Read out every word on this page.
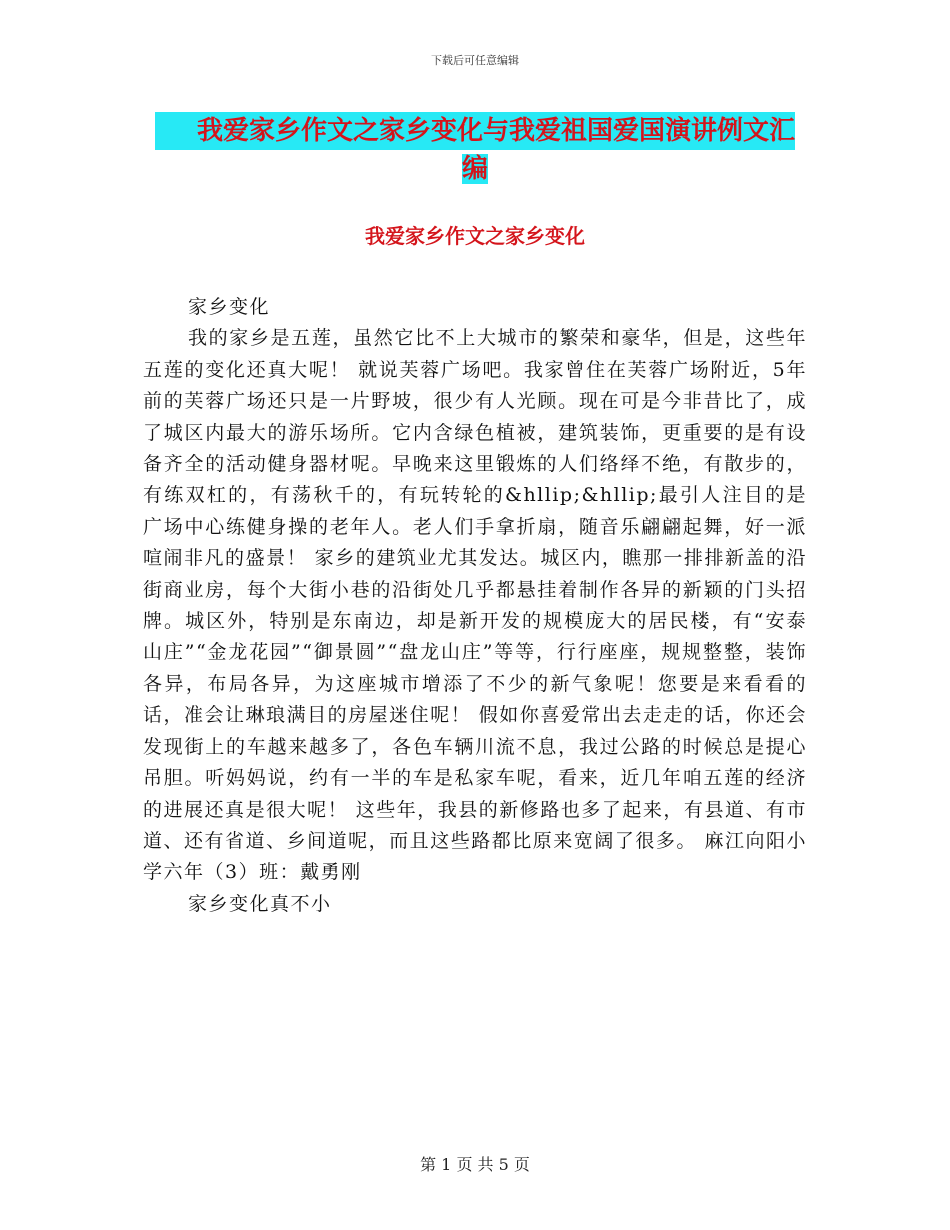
下载后可任意编辑
我爱家乡作文之家乡变化与我爱祖国爱国演讲例文汇
编
我爱家乡作文之家乡变化

家乡变化

我的家乡是五莲，虽然它比不上大城市的繁荣和豪华，但是，这些年五莲的变化还真大呢！ 就说芙蓉广场吧。我家曾住在芙蓉广场附近，5年前的芙蓉广场还只是一片野坡，很少有人光顾。现在可是今非昔比了，成了城区内最大的游乐场所。它内含绿色植被，建筑装饰，更重要的是有设备齐全的活动健身器材呢。早晚来这里锻炼的人们络绎不绝，有散步的，有练双杠的，有荡秋千的，有玩转轮的&hllip;&hllip;最引人注目的是广场中心练健身操的老年人。老人们手拿折扇，随音乐翩翩起舞，好一派喧闹非凡的盛景！ 家乡的建筑业尤其发达。城区内，瞧那一排排新盖的沿街商业房，每个大街小巷的沿街处几乎都悬挂着制作各异的新颖的门头招牌。城区外，特别是东南边，却是新开发的规模庞大的居民楼，有“安泰山庄”“金龙花园”“御景圆”“盘龙山庄”等等，行行座座，规规整整，装饰各异，布局各异，为这座城市增添了不少的新气象呢！您要是来看看的话，准会让琳琅满目的房屋迷住呢！ 假如你喜爱常出去走走的话，你还会发现街上的车越来越多了，各色车辆川流不息，我过公路的时候总是提心吊胆。听妈妈说，约有一半的车是私家车呢，看来，近几年咱五莲的经济的进展还真是很大呢！ 这些年，我县的新修路也多了起来，有县道、有市道、还有省道、乡间道呢，而且这些路都比原来宽阔了很多。 麻江向阳小学六年（3）班：戴勇刚

家乡变化真不小

第 1 页 共 5 页
